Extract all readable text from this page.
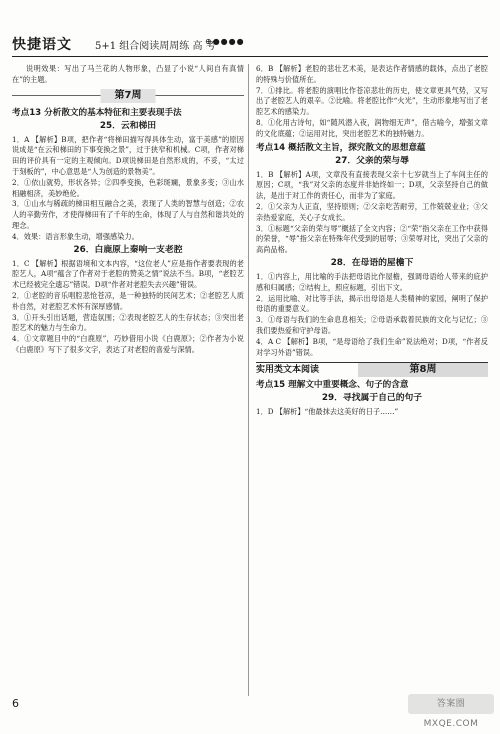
快捷语文 5+1 组合阅读周周练 高 考
⊕●●●●

说明效果：写出了马兰花的人物形象，凸显了小说“人间自有真情在”的主题。

第7周
考点13 分析散文的基本特征和主要表现手法
25．云和梯田

1．A 【解析】B项，把作者“将梯田描写得具体生动，富于美感”的原因说成是“在云和梯田的下事变换之景”，过于狭窄和机械。C项，作者对梯田的评价具有一定的主观倾向。D项说梯田是自然形成的，不妥，“太过于刻板的”，中心意思是“人为创造的景物美”。

2．①依山就势，形状各异；②四季变换，色彩斑斓，景象多变；③山水相融相济，美妙绝伦。

3．①山水与稀疏的梯田相互融合之美，表现了人类的智慧与创造；②农人的辛勤劳作，才使得梯田有了千年的生命，体现了人与自然和谐共处的理念。

4．效果：语言形象生动，增强感染力。

26．白鹿原上秦响一支老腔

1．C 【解析】根据语境和文本内容，“这位老人”应是指作者要表现的老腔艺人，A项“蕴含了作者对于老腔的赞美之情”说法不当。B项，“老腔艺术已经被完全遗忘”错误。D项“作者对老腔失去兴趣”错误。

2．①老腔的音乐唱腔悲怆苍凉，是一种独特的民间艺术；②老腔艺人质朴自然，对老腔艺术怀有深厚感情。

3．①开头引出话题，营造氛围；②表现老腔艺人的生存状态；③突出老腔艺术的魅力与生命力。

4．①文章题目中的“白鹿原”，巧妙借用小说《白鹿原》；②作者为小说《白鹿原》写下了很多文字，表达了对老腔的喜爱与深情。

6．B 【解析】老腔的悲壮艺术美，是表达作者情感的载体，点出了老腔的特殊与价值所在。

7．①排比。将老腔的演唱比作苍凉悲壮的历史，使文章更具气势，又写出了老腔艺人的艰辛。②比喻。将老腔比作“火光”，生动形象地写出了老腔艺术的感染力。

8．①化用古诗句，如“随风潜入夜，润物细无声”，借古喻今，增强文章的文化底蕴；②运用对比，突出老腔艺术的独特魅力。

考点14 概括散文主旨，探究散文的思想意蕴
27．父亲的荣与辱

1．B 【解析】A项，文章没有直接表现父亲十七岁就当上了车间主任的原因；C项，“我”对父亲的态度并非始终如一；D项，父亲坚持自己的做法，是出于对工作的责任心，而非为了家庭。

2．①父亲为人正直，坚持原则；②父亲吃苦耐劳，工作兢兢业业；③父亲热爱家庭，关心子女成长。

3．①标题“父亲的荣与辱”概括了全文内容；②“荣”指父亲在工作中获得的荣誉，“辱”指父亲在特殊年代受到的屈辱；③荣辱对比，突出了父亲的高尚品格。

28．在母语的屋檐下

1．①内容上，用比喻的手法把母语比作屋檐，强调母语给人带来的庇护感和归属感；②结构上，照应标题，引出下文。

2．运用比喻、对比等手法，揭示出母语是人类精神的家园，阐明了保护母语的重要意义。

3．①母语与我们的生命息息相关；②母语承载着民族的文化与记忆；③我们要热爱和守护母语。

4．A C 【解析】B项，“是母语给了我们生命”说法绝对；D项，“作者反对学习外语”错误。

实用类文本阅读	第8周
考点15 理解文中重要概念、句子的含意
29．寻找属于自己的句子

1．D 【解析】“他最抹去这美好的日子……”

6	答案圈 MXQE.COM
